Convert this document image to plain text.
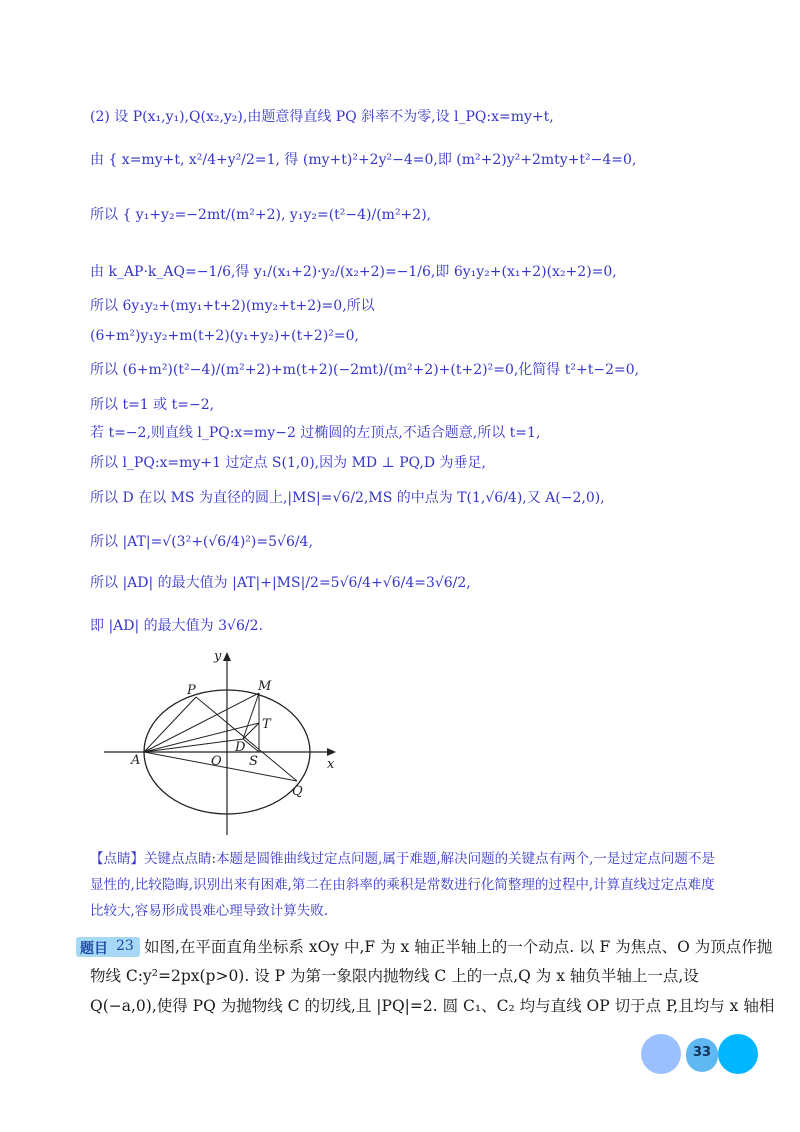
(2) 设 P(x₁,y₁),Q(x₂,y₂),由题意得直线 PQ 斜率不为零,设 l_PQ:x=my+t,
由 { x=my+t, x²/4+y²/2=1, 得 (my+t)²+2y²−4=0,即 (m²+2)y²+2mty+t²−4=0,
所以 { y₁+y₂=−2mt/(m²+2), y₁y₂=(t²−4)/(m²+2),
由 k_AP·k_AQ=−1/6,得 y₁/(x₁+2)·y₂/(x₂+2)=−1/6,即 6y₁y₂+(x₁+2)(x₂+2)=0,
所以 6y₁y₂+(my₁+t+2)(my₂+t+2)=0,所以
(6+m²)y₁y₂+m(t+2)(y₁+y₂)+(t+2)²=0,
所以 (6+m²)(t²−4)/(m²+2)+m(t+2)(−2mt)/(m²+2)+(t+2)²=0,化简得 t²+t−2=0,
所以 t=1 或 t=−2,
若 t=−2,则直线 l_PQ:x=my−2 过椭圆的左顶点,不适合题意,所以 t=1,
所以 l_PQ:x=my+1 过定点 S(1,0),因为 MD ⊥ PQ,D 为垂足,
所以 D 在以 MS 为直径的圆上,|MS|=√6/2,MS 的中点为 T(1,√6/4),又 A(−2,0),
所以 |AT|=√(3²+(√6/4)²)=5√6/4,
所以 |AD| 的最大值为 |AT|+|MS|/2=5√6/4+√6/4=3√6/2,
即 |AD| 的最大值为 3√6/2.
y
x
P	M
T
D
A	O S
Q
【点睛】关键点点睛:本题是圆锥曲线过定点问题,属于难题,解决问题的关键点有两个,一是过定点问题不是显性的,比较隐晦,识别出来有困难,第二在由斜率的乘积是常数进行化简整理的过程中,计算直线过定点难度比较大,容易形成畏难心理导致计算失败.
题目 23 如图,在平面直角坐标系 xOy 中,F 为 x 轴正半轴上的一个动点. 以 F 为焦点、O 为顶点作抛
物线 C:y²=2px(p>0). 设 P 为第一象限内抛物线 C 上的一点,Q 为 x 轴负半轴上一点,设
Q(−a,0),使得 PQ 为抛物线 C 的切线,且 |PQ|=2. 圆 C₁、C₂ 均与直线 OP 切于点 P,且均与 x 轴相
33
